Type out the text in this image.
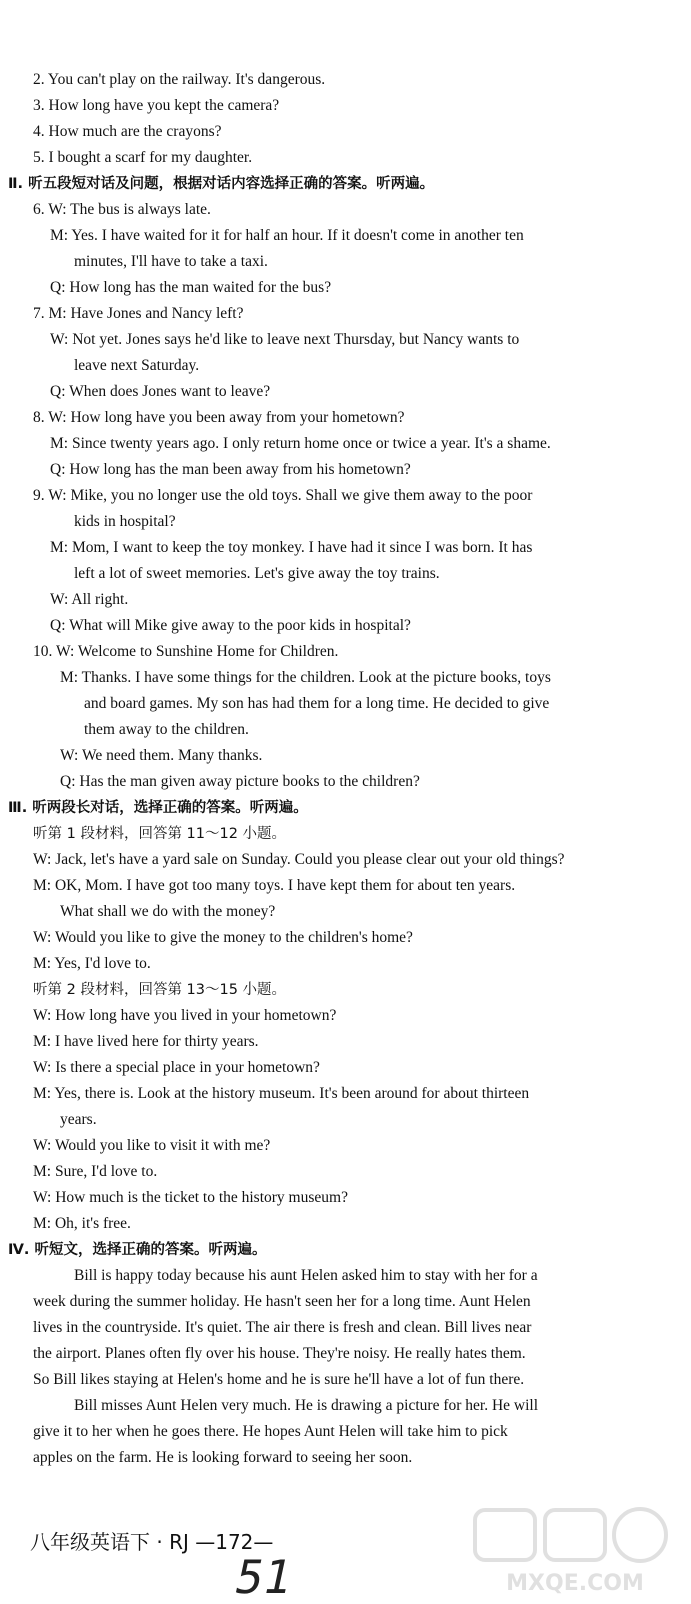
2. You can't play on the railway. It's dangerous.
3. How long have you kept the camera?
4. How much are the crayons?
5. I bought a scarf for my daughter.
Ⅱ. 听五段短对话及问题，根据对话内容选择正确的答案。听两遍。
6. W: The bus is always late.
M: Yes. I have waited for it for half an hour. If it doesn't come in another ten
minutes, I'll have to take a taxi.
Q: How long has the man waited for the bus?
7. M: Have Jones and Nancy left?
W: Not yet. Jones says he'd like to leave next Thursday, but Nancy wants to
leave next Saturday.
Q: When does Jones want to leave?
8. W: How long have you been away from your hometown?
M: Since twenty years ago. I only return home once or twice a year. It's a shame.
Q: How long has the man been away from his hometown?
9. W: Mike, you no longer use the old toys. Shall we give them away to the poor
kids in hospital?
M: Mom, I want to keep the toy monkey. I have had it since I was born. It has
left a lot of sweet memories. Let's give away the toy trains.
W: All right.
Q: What will Mike give away to the poor kids in hospital?
10. W: Welcome to Sunshine Home for Children.
M: Thanks. I have some things for the children. Look at the picture books, toys
and board games. My son has had them for a long time. He decided to give
them away to the children.
W: We need them. Many thanks.
Q: Has the man given away picture books to the children?
Ⅲ. 听两段长对话，选择正确的答案。听两遍。
听第 1 段材料，回答第 11～12 小题。
W: Jack, let's have a yard sale on Sunday. Could you please clear out your old things?
M: OK, Mom. I have got too many toys. I have kept them for about ten years.
What shall we do with the money?
W: Would you like to give the money to the children's home?
M: Yes, I'd love to.
听第 2 段材料，回答第 13～15 小题。
W: How long have you lived in your hometown?
M: I have lived here for thirty years.
W: Is there a special place in your hometown?
M: Yes, there is. Look at the history museum. It's been around for about thirteen
years.
W: Would you like to visit it with me?
M: Sure, I'd love to.
W: How much is the ticket to the history museum?
M: Oh, it's free.
Ⅳ. 听短文，选择正确的答案。听两遍。
Bill is happy today because his aunt Helen asked him to stay with her for a
week during the summer holiday. He hasn't seen her for a long time. Aunt Helen
lives in the countryside. It's quiet. The air there is fresh and clean. Bill lives near
the airport. Planes often fly over his house. They're noisy. He really hates them.
So Bill likes staying at Helen's home and he is sure he'll have a lot of fun there.
Bill misses Aunt Helen very much. He is drawing a picture for her. He will
give it to her when he goes there. He hopes Aunt Helen will take him to pick
apples on the farm. He is looking forward to seeing her soon.
八年级英语下 · RJ —172—
51	MXQE.COM
